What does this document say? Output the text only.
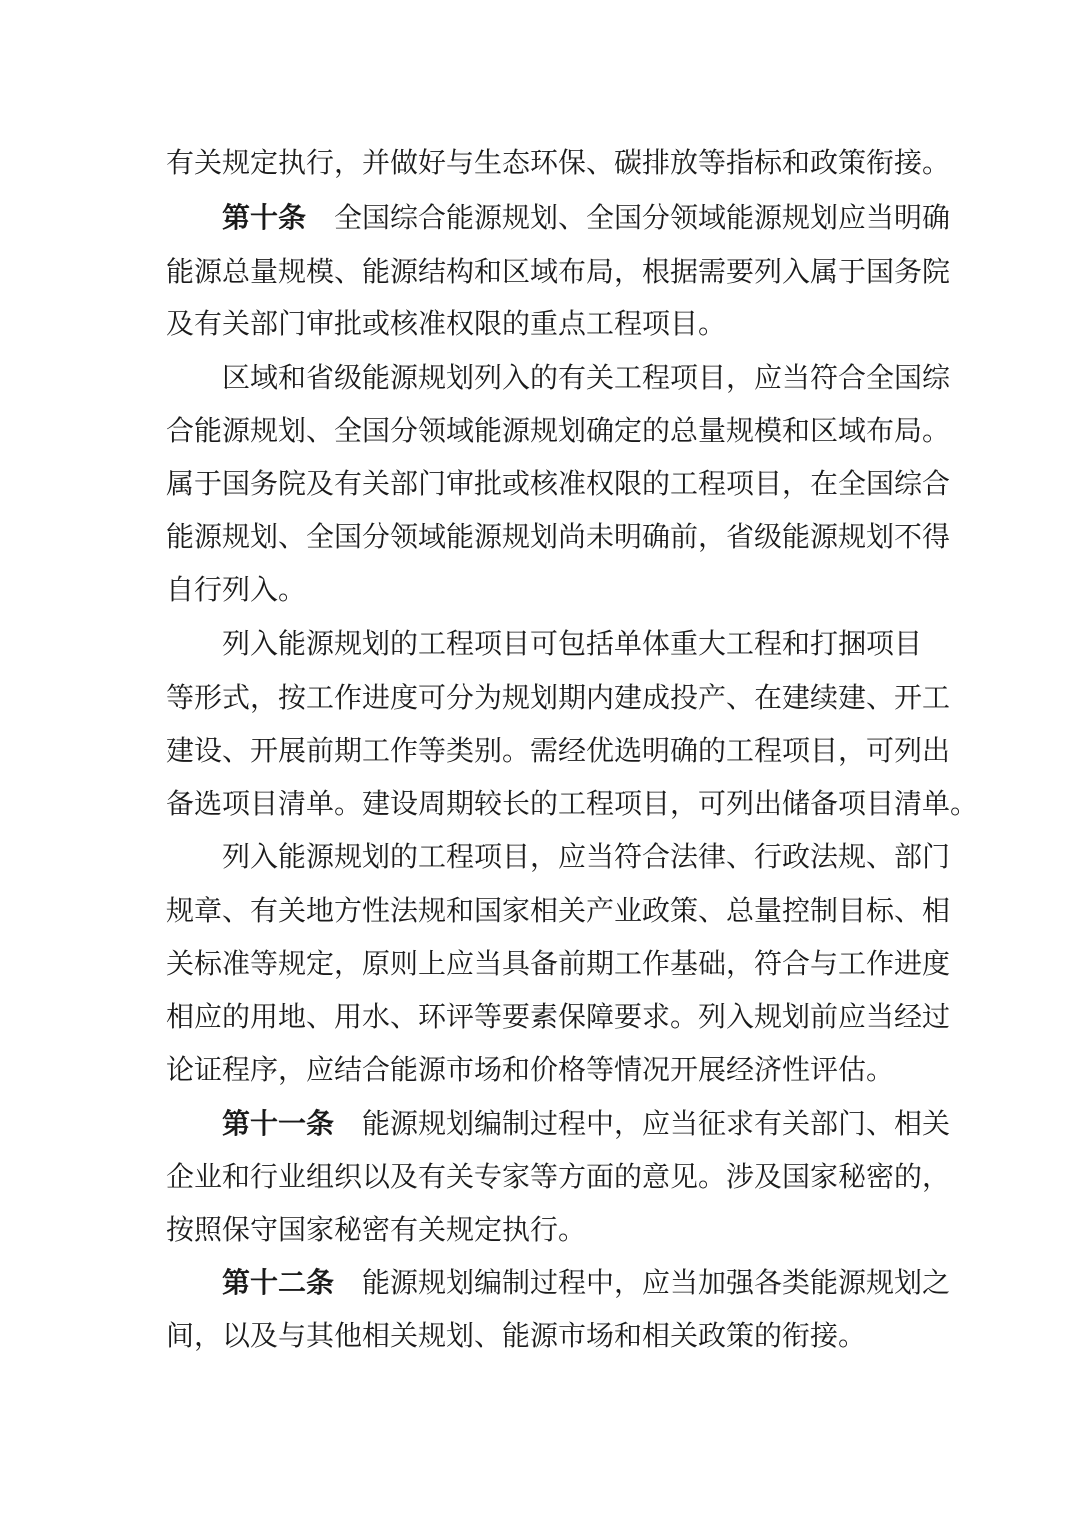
有关规定执行，并做好与生态环保、碳排放等指标和政策衔接。
第十条 全国综合能源规划、全国分领域能源规划应当明确
能源总量规模、能源结构和区域布局，根据需要列入属于国务院
及有关部门审批或核准权限的重点工程项目。
区域和省级能源规划列入的有关工程项目，应当符合全国综
合能源规划、全国分领域能源规划确定的总量规模和区域布局。
属于国务院及有关部门审批或核准权限的工程项目，在全国综合
能源规划、全国分领域能源规划尚未明确前，省级能源规划不得
自行列入。
列入能源规划的工程项目可包括单体重大工程和打捆项目
等形式，按工作进度可分为规划期内建成投产、在建续建、开工
建设、开展前期工作等类别。需经优选明确的工程项目，可列出
备选项目清单。建设周期较长的工程项目，可列出储备项目清单。
列入能源规划的工程项目，应当符合法律、行政法规、部门
规章、有关地方性法规和国家相关产业政策、总量控制目标、相
关标准等规定，原则上应当具备前期工作基础，符合与工作进度
相应的用地、用水、环评等要素保障要求。列入规划前应当经过
论证程序，应结合能源市场和价格等情况开展经济性评估。
第十一条 能源规划编制过程中，应当征求有关部门、相关
企业和行业组织以及有关专家等方面的意见。涉及国家秘密的，
按照保守国家秘密有关规定执行。
第十二条 能源规划编制过程中，应当加强各类能源规划之
间，以及与其他相关规划、能源市场和相关政策的衔接。
